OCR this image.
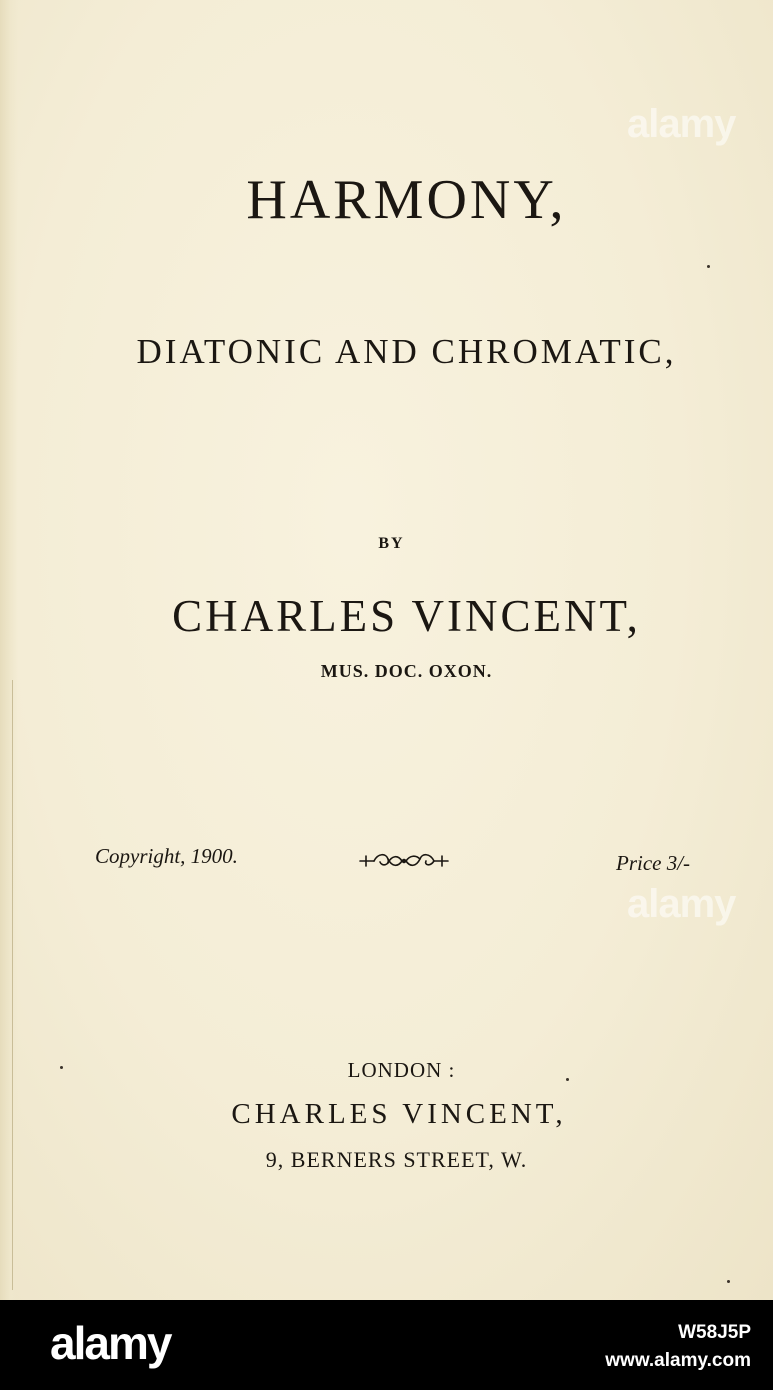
HARMONY,
DIATONIC AND CHROMATIC,
BY
CHARLES VINCENT,
MUS. DOC. OXON.
Copyright, 1900.	Price 3/-
LONDON :
CHARLES VINCENT,
9, BERNERS STREET, W.
alamy
alamy
alamy	W58J5P
www.alamy.com
